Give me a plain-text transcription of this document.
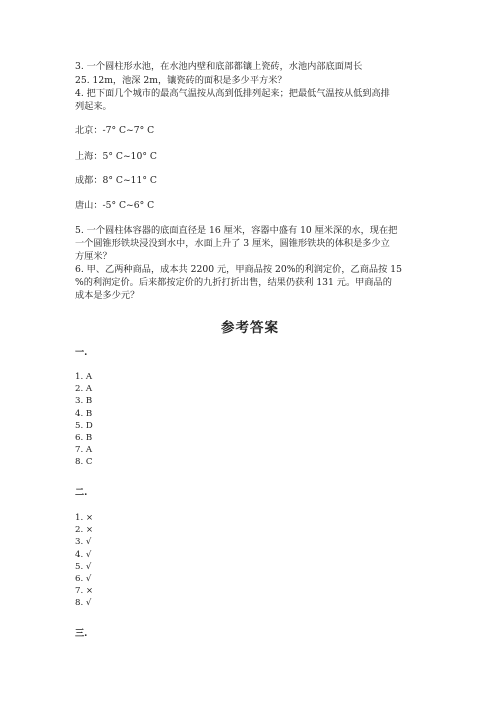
3. 一个圆柱形水池，在水池内壁和底部都镶上瓷砖，水池内部底面周长
25. 12m，池深 2m，镶瓷砖的面积是多少平方米？
4. 把下面几个城市的最高气温按从高到低排列起来；把最低气温按从低到高排
列起来。
北京：-7° C~7° C
上海：5° C~10° C
成都：8° C~11° C
唐山：-5° C~6° C
5. 一个圆柱体容器的底面直径是 16 厘米，容器中盛有 10 厘米深的水，现在把
一个圆锥形铁块浸没到水中，水面上升了 3 厘米，圆锥形铁块的体积是多少立
方厘米？
6. 甲、乙两种商品，成本共 2200 元，甲商品按 20%的利润定价，乙商品按 15
%的利润定价。后来都按定价的九折打折出售，结果仍获利 131 元。甲商品的
成本是多少元？
参考答案
一.
1. A
2. A
3. B
4. B
5. D
6. B
7. A
8. C
二.
1. ×
2. ×
3. √
4. √
5. √
6. √
7. ×
8. √
三.
